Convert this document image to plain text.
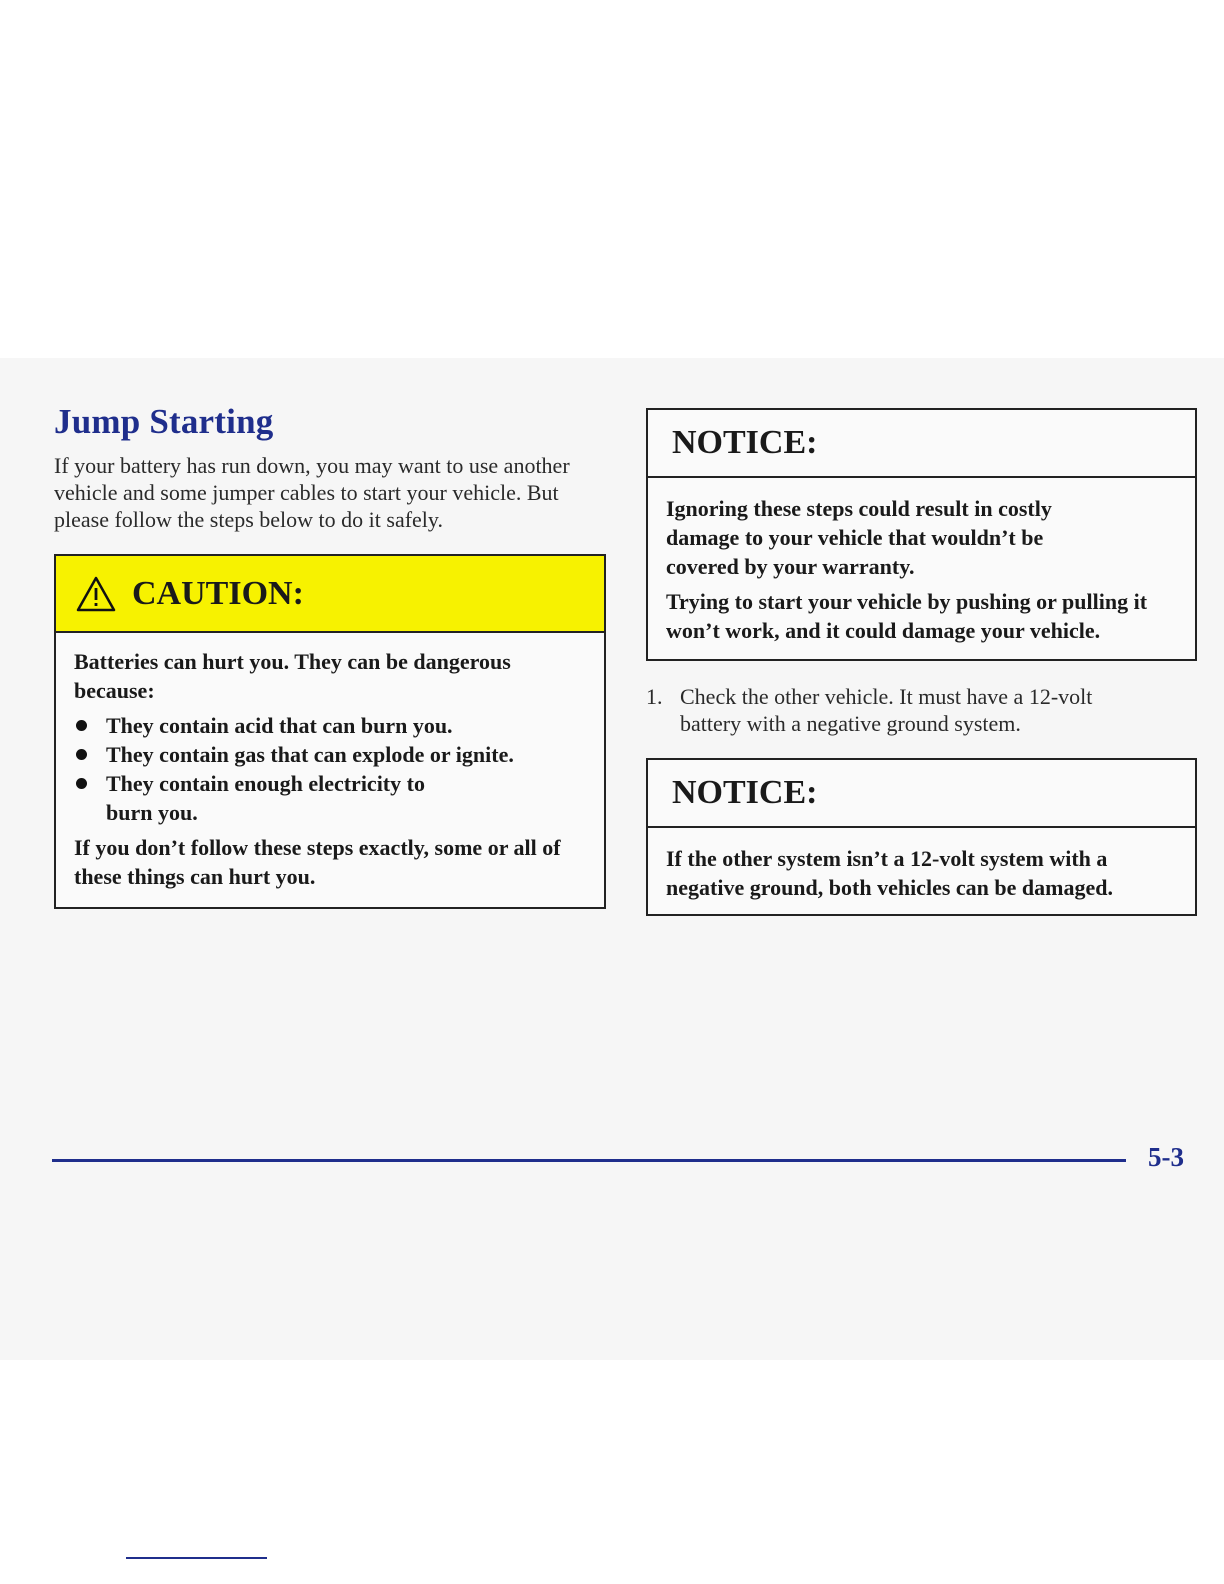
Jump Starting

If your battery has run down, you may want to use another vehicle and some jumper cables to start your vehicle. But please follow the steps below to do it safely.

CAUTION:

Batteries can hurt you. They can be dangerous because:

They contain acid that can burn you.
They contain gas that can explode or ignite.
They contain enough electricity to burn you.

If you don’t follow these steps exactly, some or all of these things can hurt you.

NOTICE:

Ignoring these steps could result in costly damage to your vehicle that wouldn’t be covered by your warranty.

Trying to start your vehicle by pushing or pulling it won’t work, and it could damage your vehicle.

1. Check the other vehicle. It must have a 12-volt battery with a negative ground system.
NOTICE:

If the other system isn’t a 12-volt system with a negative ground, both vehicles can be damaged.

5-3
